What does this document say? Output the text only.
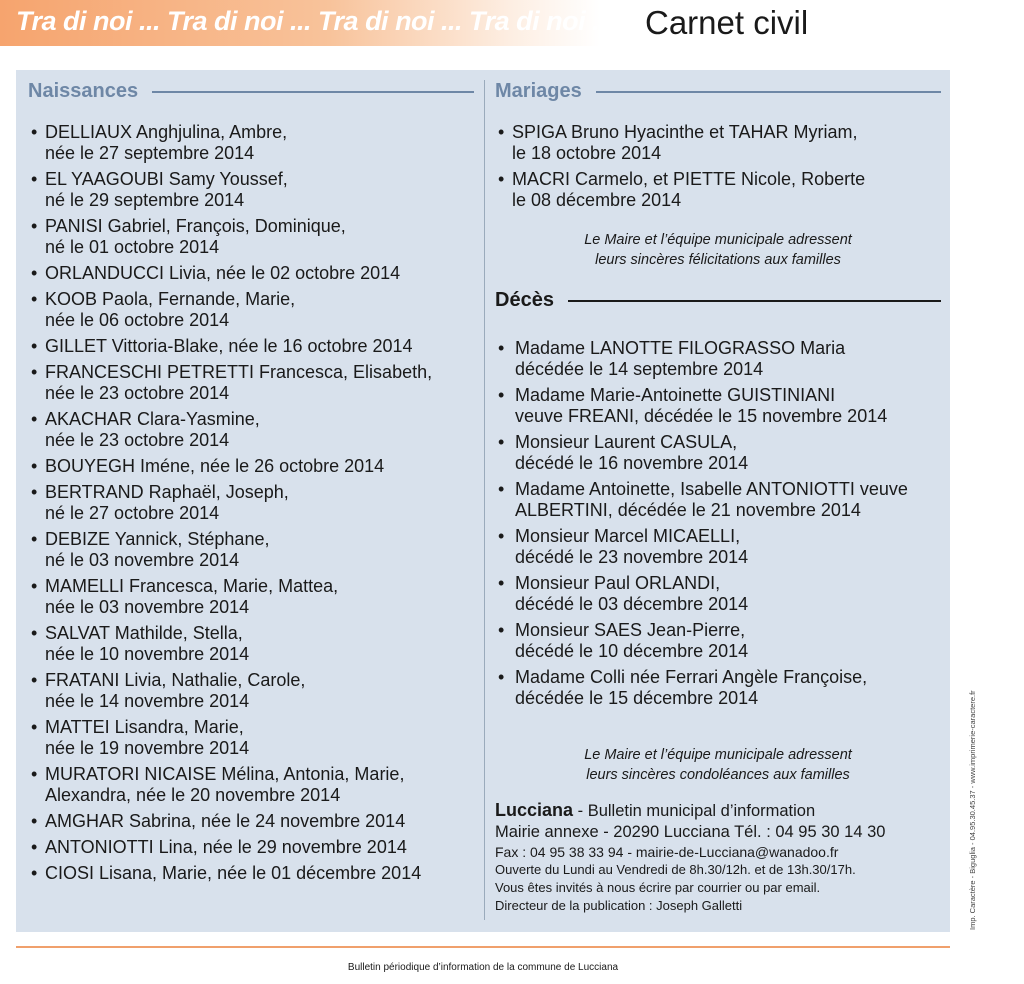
Tra di noi ... Tra di noi ... Tra di noi ... Tra di noi ... Carnet civil
Naissances
• DELLIAUX Anghjulina, Ambre,
née le 27 septembre 2014
• EL YAAGOUBI Samy Youssef,
né le 29 septembre 2014
• PANISI Gabriel, François, Dominique,
né le 01 octobre 2014
• ORLANDUCCI Livia, née le 02 octobre 2014
• KOOB Paola, Fernande, Marie,
née le 06 octobre 2014
• GILLET Vittoria-Blake, née le 16 octobre 2014
• FRANCESCHI PETRETTI Francesca, Elisabeth,
née le 23 octobre 2014
• AKACHAR Clara-Yasmine,
née le 23 octobre 2014
• BOUYEGH Iméne, née le 26 octobre 2014
• BERTRAND Raphaël, Joseph,
né le 27 octobre 2014
• DEBIZE Yannick, Stéphane,
né le 03 novembre 2014
• MAMELLI Francesca, Marie, Mattea,
née le 03 novembre 2014
• SALVAT Mathilde, Stella,
née le 10 novembre 2014
• FRATANI Livia, Nathalie, Carole,
née le 14 novembre 2014
• MATTEI Lisandra, Marie,
née le 19 novembre 2014
• MURATORI NICAISE Mélina, Antonia, Marie,
Alexandra, née le 20 novembre 2014
• AMGHAR Sabrina, née le 24 novembre 2014
• ANTONIOTTI Lina, née le 29 novembre 2014
• CIOSI Lisana, Marie, née le 01 décembre 2014
Mariages
• SPIGA Bruno Hyacinthe et TAHAR Myriam,
le 18 octobre 2014
• MACRI Carmelo, et PIETTE Nicole, Roberte
le 08 décembre 2014
Le Maire et l’équipe municipale adressent
leurs sincères félicitations aux familles
Décès
• Madame LANOTTE FILOGRASSO Maria
décédée le 14 septembre 2014
• Madame Marie-Antoinette GUISTINIANI
veuve FREANI, décédée le 15 novembre 2014
• Monsieur Laurent CASULA,
décédé le 16 novembre 2014
• Madame Antoinette, Isabelle ANTONIOTTI veuve
ALBERTINI, décédée le 21 novembre 2014
• Monsieur Marcel MICAELLI,
décédé le 23 novembre 2014
• Monsieur Paul ORLANDI,
décédé le 03 décembre 2014
• Monsieur SAES Jean-Pierre,
décédé le 10 décembre 2014
• Madame Colli née Ferrari Angèle Françoise,
décédée le 15 décembre 2014
Le Maire et l’équipe municipale adressent
leurs sincères condoléances aux familles
Lucciana - Bulletin municipal d’information
Mairie annexe - 20290 Lucciana Tél. : 04 95 30 14 30
Fax : 04 95 38 33 94 - mairie-de-Lucciana@wanadoo.fr
Ouverte du Lundi au Vendredi de 8h.30/12h. et de 13h.30/17h.
Vous êtes invités à nous écrire par courrier ou par email.
Directeur de la publication : Joseph Galletti	Imp. Caractère - Biguglia - 04.95.30.45.37 - www.imprimerie-caractere.fr
Bulletin périodique d’information de la commune de Lucciana
